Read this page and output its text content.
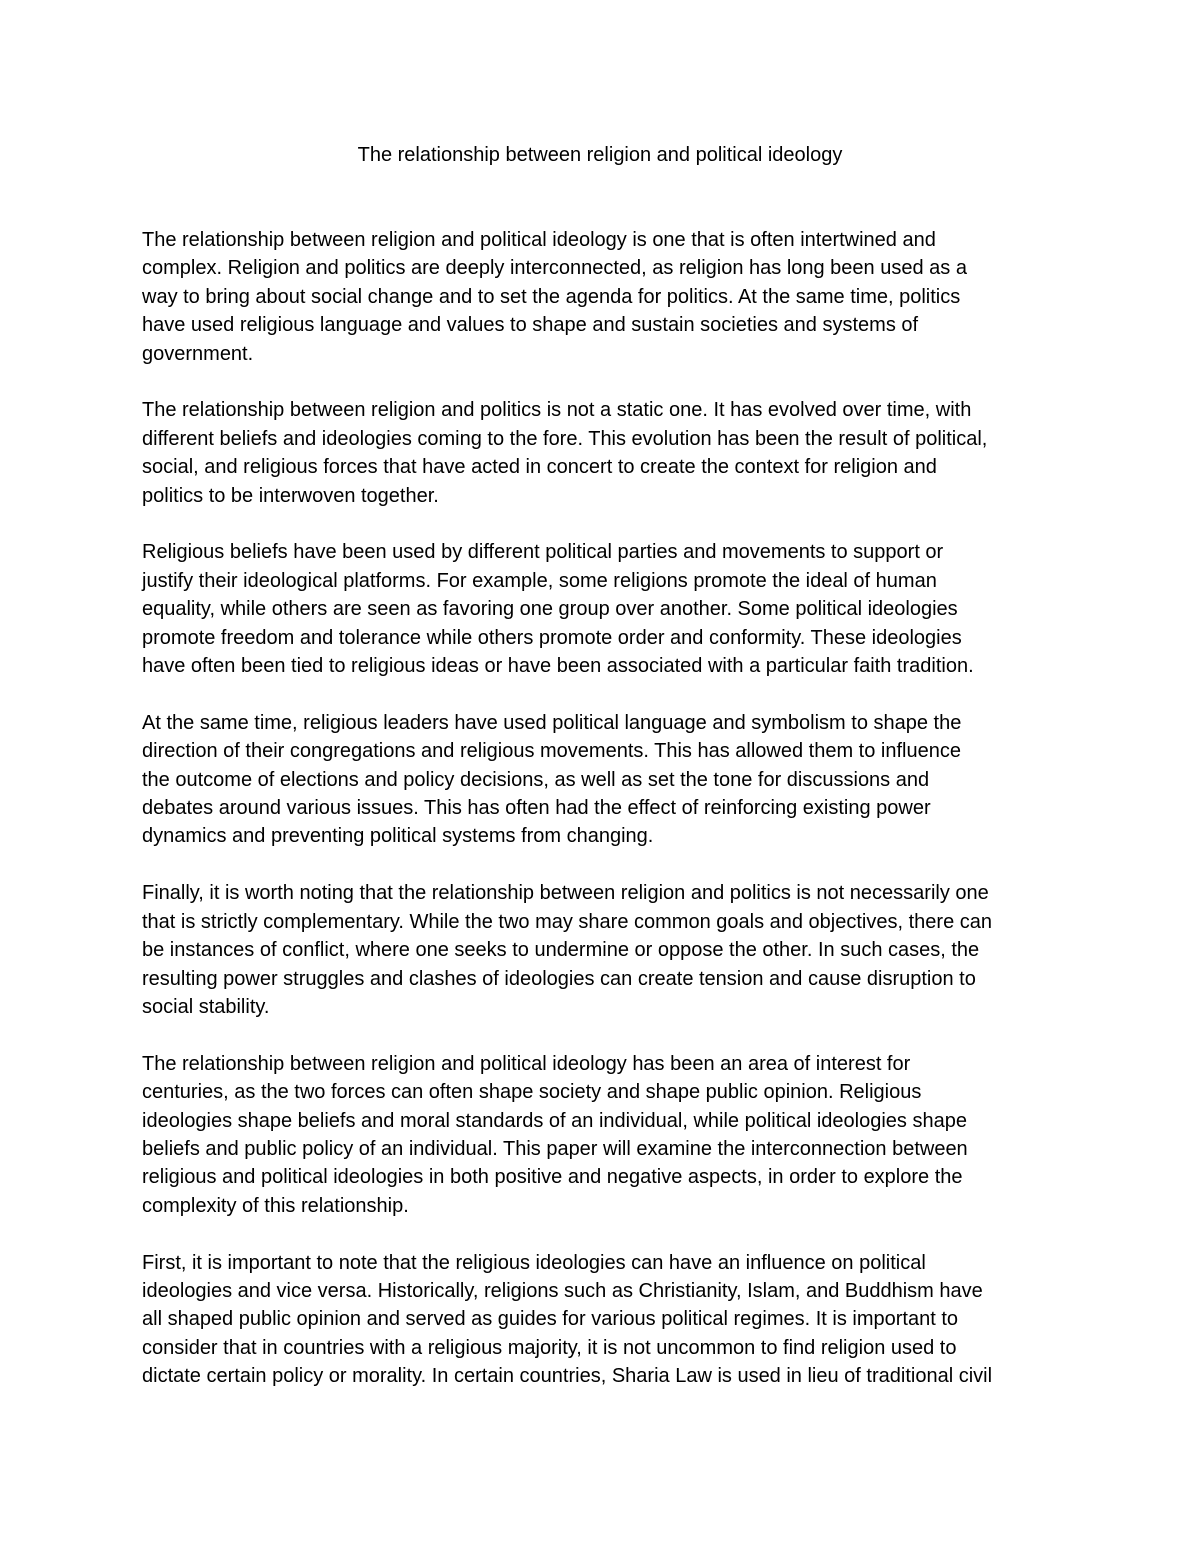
The relationship between religion and political ideology

The relationship between religion and political ideology is one that is often intertwined and
complex. Religion and politics are deeply interconnected, as religion has long been used as a
way to bring about social change and to set the agenda for politics. At the same time, politics
have used religious language and values to shape and sustain societies and systems of
government.

The relationship between religion and politics is not a static one. It has evolved over time, with
different beliefs and ideologies coming to the fore. This evolution has been the result of political,
social, and religious forces that have acted in concert to create the context for religion and
politics to be interwoven together.

Religious beliefs have been used by different political parties and movements to support or
justify their ideological platforms. For example, some religions promote the ideal of human
equality, while others are seen as favoring one group over another. Some political ideologies
promote freedom and tolerance while others promote order and conformity. These ideologies
have often been tied to religious ideas or have been associated with a particular faith tradition.

At the same time, religious leaders have used political language and symbolism to shape the
direction of their congregations and religious movements. This has allowed them to influence
the outcome of elections and policy decisions, as well as set the tone for discussions and
debates around various issues. This has often had the effect of reinforcing existing power
dynamics and preventing political systems from changing.

Finally, it is worth noting that the relationship between religion and politics is not necessarily one
that is strictly complementary. While the two may share common goals and objectives, there can
be instances of conflict, where one seeks to undermine or oppose the other. In such cases, the
resulting power struggles and clashes of ideologies can create tension and cause disruption to
social stability.

The relationship between religion and political ideology has been an area of interest for
centuries, as the two forces can often shape society and shape public opinion. Religious
ideologies shape beliefs and moral standards of an individual, while political ideologies shape
beliefs and public policy of an individual. This paper will examine the interconnection between
religious and political ideologies in both positive and negative aspects, in order to explore the
complexity of this relationship.

First, it is important to note that the religious ideologies can have an influence on political
ideologies and vice versa. Historically, religions such as Christianity, Islam, and Buddhism have
all shaped public opinion and served as guides for various political regimes. It is important to
consider that in countries with a religious majority, it is not uncommon to find religion used to
dictate certain policy or morality. In certain countries, Sharia Law is used in lieu of traditional civil
